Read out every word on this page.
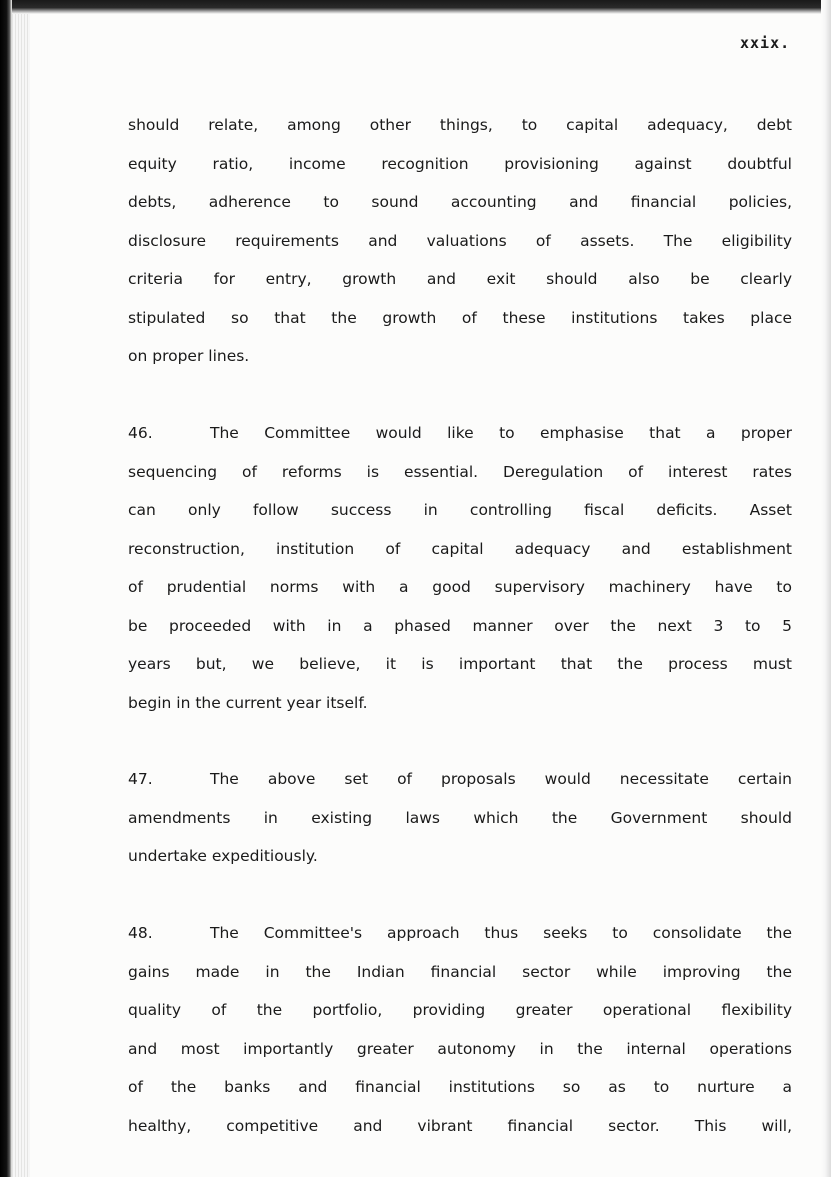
xxix.

should relate, among other things, to capital adequacy, debt
equity ratio, income recognition provisioning against doubtful
debts, adherence to sound accounting and financial policies,
disclosure requirements and valuations of assets. The eligibility
criteria for entry, growth and exit should also be clearly
stipulated so that the growth of these institutions takes place
on proper lines.
46.	The Committee would like to emphasise that a proper
sequencing of reforms is essential. Deregulation of interest rates
can only follow success in controlling fiscal deficits. Asset
reconstruction, institution of capital adequacy and establishment
of prudential norms with a good supervisory machinery have to
be proceeded with in a phased manner over the next 3 to 5
years but, we believe, it is important that the process must
begin in the current year itself.
47.	The above set of proposals would necessitate certain
amendments in existing laws which the Government should
undertake expeditiously.
48.	The Committee's approach thus seeks to consolidate the
gains made in the Indian financial sector while improving the
quality of the portfolio, providing greater operational flexibility
and most importantly greater autonomy in the internal operations
of the banks and financial institutions so as to nurture a
healthy, competitive and vibrant financial sector. This will,
